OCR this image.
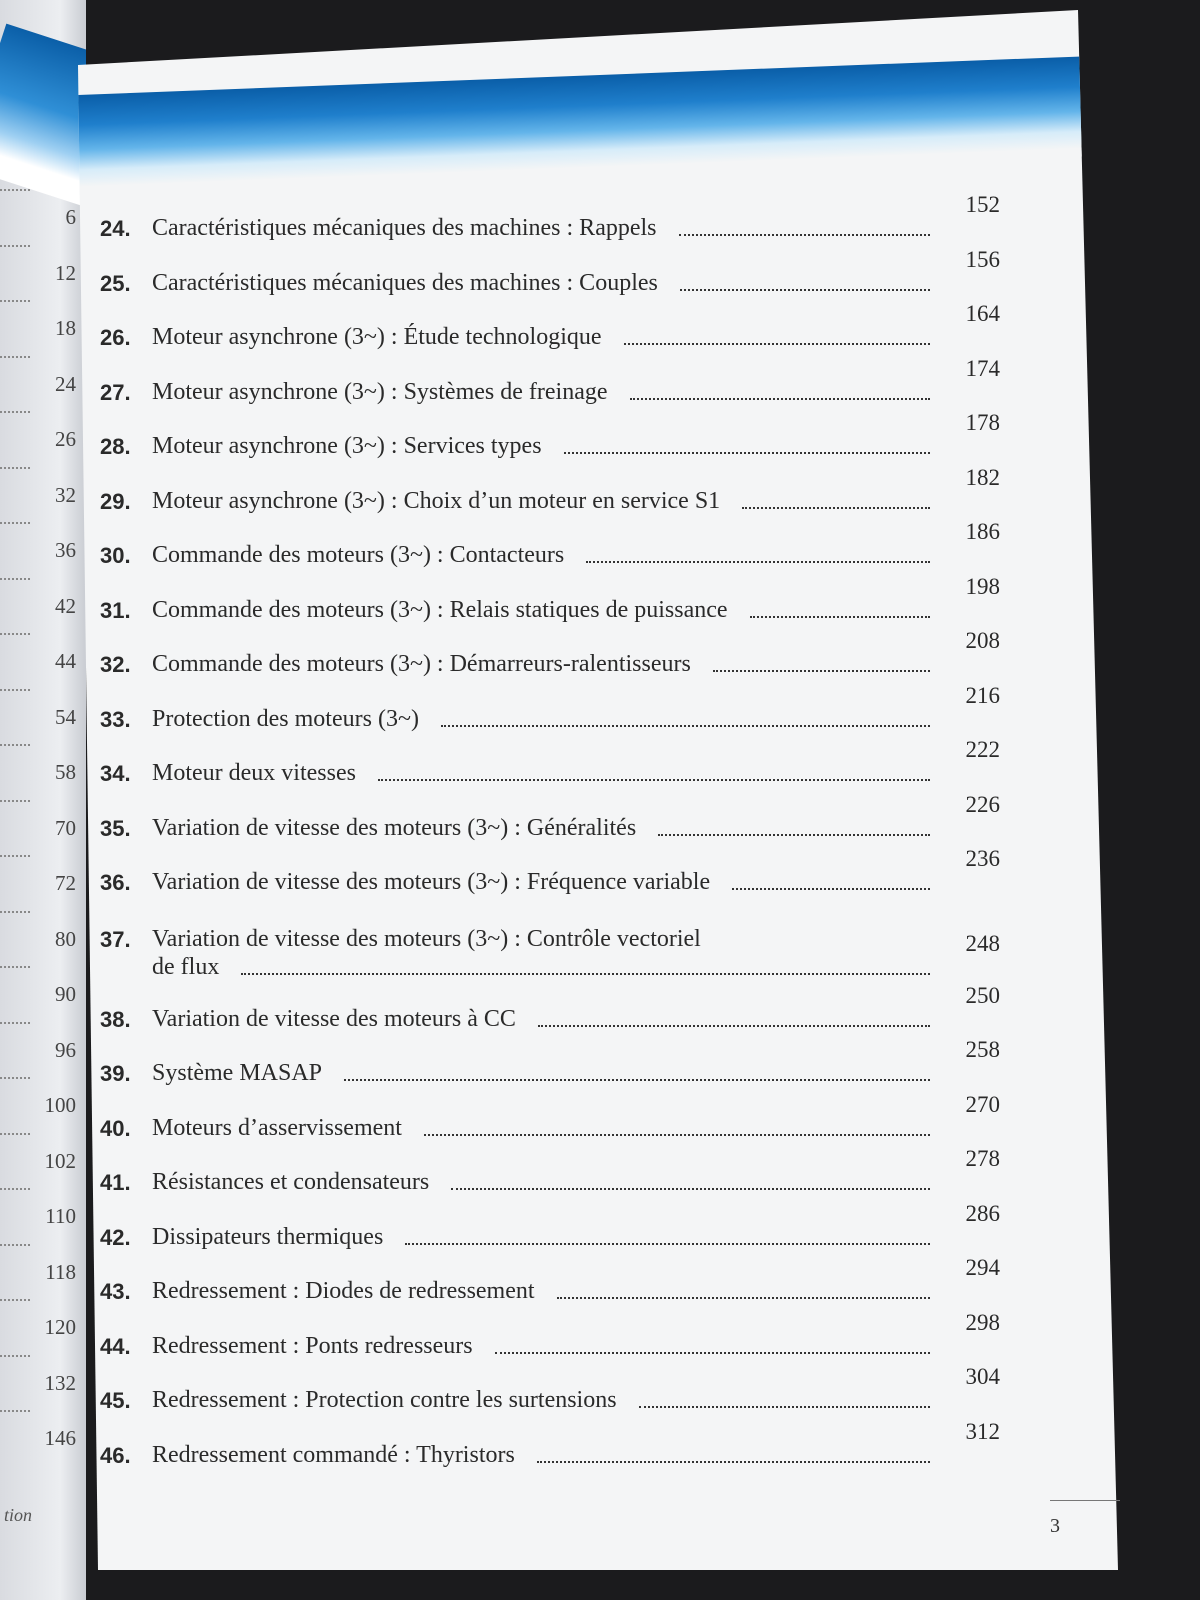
6
12
18
24
26
32
36
42
44
54
58
70
72
80
90
96
100
102
110
118
120
132
146
tion
24. Caractéristiques mécaniques des machines : Rappels
152
25. Caractéristiques mécaniques des machines : Couples
156
26. Moteur asynchrone (3~) : Étude technologique
164
27. Moteur asynchrone (3~) : Systèmes de freinage
174
28. Moteur asynchrone (3~) : Services types
178
29. Moteur asynchrone (3~) : Choix d’un moteur en service S1
182
30. Commande des moteurs (3~) : Contacteurs
186
31. Commande des moteurs (3~) : Relais statiques de puissance
198
32. Commande des moteurs (3~) : Démarreurs-ralentisseurs
208
33. Protection des moteurs (3~)
216
34. Moteur deux vitesses
222
35. Variation de vitesse des moteurs (3~) : Généralités
226
36. Variation de vitesse des moteurs (3~) : Fréquence variable
236
37. Variation de vitesse des moteurs (3~) : Contrôle vectoriel
de flux
248
38. Variation de vitesse des moteurs à CC
250
39. Système MASAP
258
40. Moteurs d’asservissement
270
41. Résistances et condensateurs
278
42. Dissipateurs thermiques
286
43. Redressement : Diodes de redressement
294
44. Redressement : Ponts redresseurs
298
45. Redressement : Protection contre les surtensions
304
46. Redressement commandé : Thyristors
312
3
